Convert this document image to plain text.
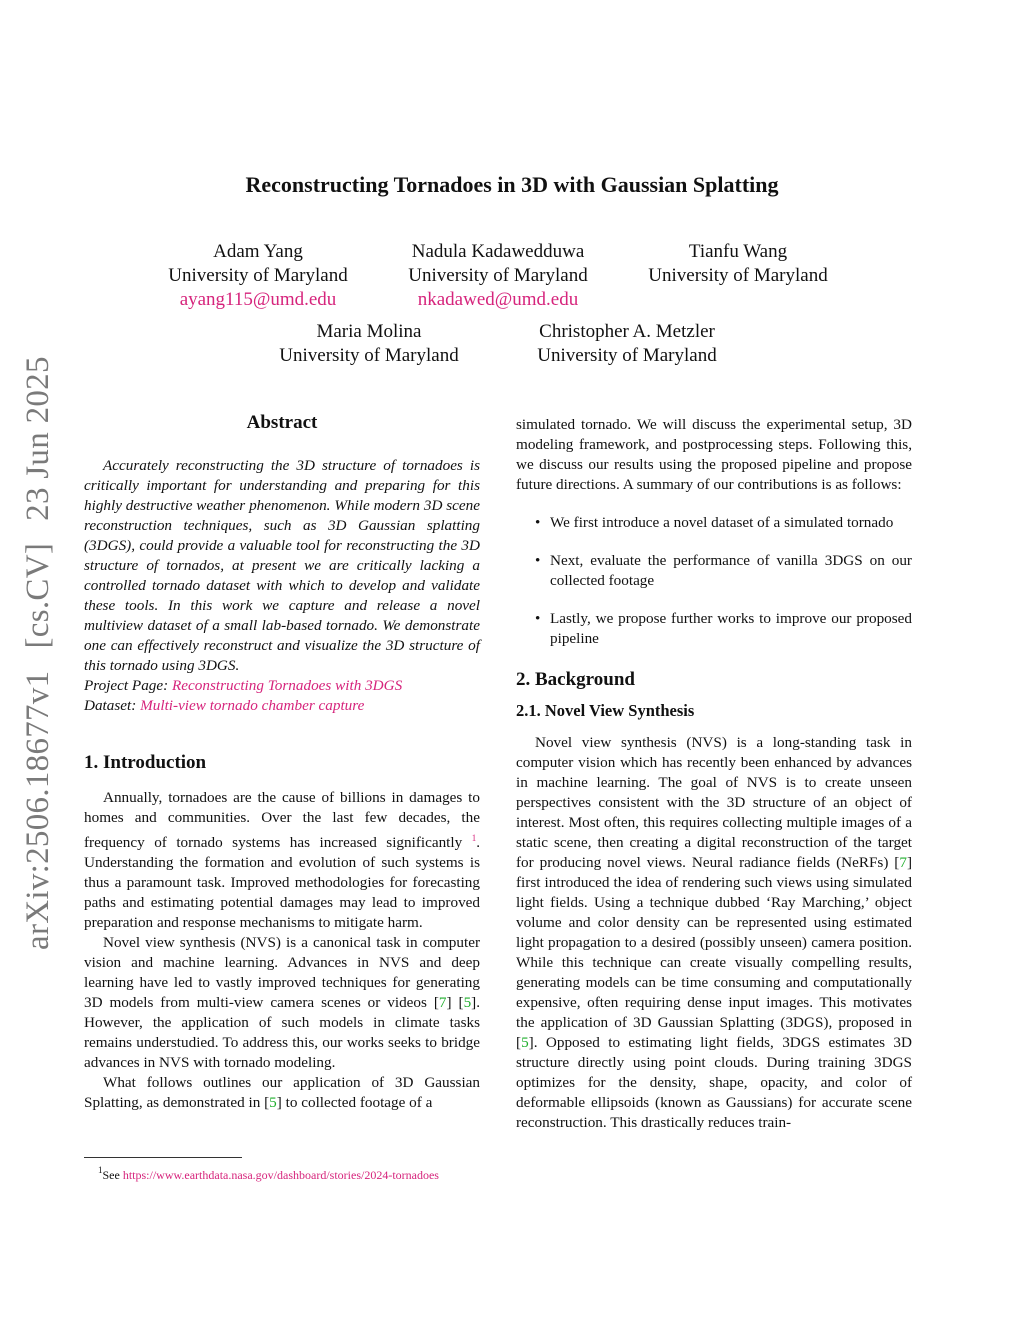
arXiv:2506.18677v1[cs.CV]23 Jun 2025
Reconstructing Tornadoes in 3D with Gaussian Splatting
Adam Yang
University of Maryland
ayang115@umd.edu
Nadula Kadawedduwa
University of Maryland
nkadawed@umd.edu
Tianfu Wang
University of Maryland
Maria Molina
University of Maryland
Christopher A. Metzler
University of Maryland
Abstract

Accurately reconstructing the 3D structure of tornadoes is critically important for understanding and preparing for this highly destructive weather phenomenon. While modern 3D scene reconstruction techniques, such as 3D Gaussian splatting (3DGS), could provide a valuable tool for reconstructing the 3D structure of tornados, at present we are critically lacking a controlled tornado dataset with which to develop and validate these tools. In this work we capture and release a novel multiview dataset of a small lab-based tornado. We demonstrate one can effectively reconstruct and visualize the 3D structure of this tornado using 3DGS.

Project Page: Reconstructing Tornadoes with 3DGS

Dataset: Multi-view tornado chamber capture

1. Introduction

Annually, tornadoes are the cause of billions in damages to homes and communities. Over the last few decades, the frequency of tornado systems has increased significantly $^1$. Understanding the formation and evolution of such systems is thus a paramount task. Improved methodologies for forecasting paths and estimating potential damages may lead to improved preparation and response mechanisms to mitigate harm.

Novel view synthesis (NVS) is a canonical task in computer vision and machine learning. Advances in NVS and deep learning have led to vastly improved techniques for generating 3D models from multi-view camera scenes or videos [7] [5]. However, the application of such models in climate tasks remains understudied. To address this, our works seeks to bridge advances in NVS with tornado modeling.

What follows outlines our application of 3D Gaussian Splatting, as demonstrated in [5] to collected footage of a

$^1$See https://www.earthdata.nasa.gov/dashboard/stories/2024-tornadoes

simulated tornado. We will discuss the experimental setup, 3D modeling framework, and postprocessing steps. Following this, we discuss our results using the proposed pipeline and propose future directions. A summary of our contributions is as follows:

• We first introduce a novel dataset of a simulated tornado
• Next, evaluate the performance of vanilla 3DGS on our collected footage
• Lastly, we propose further works to improve our proposed pipeline
2. Background
2.1. Novel View Synthesis

Novel view synthesis (NVS) is a long-standing task in computer vision which has recently been enhanced by advances in machine learning. The goal of NVS is to create unseen perspectives consistent with the 3D structure of an object of interest. Most often, this requires collecting multiple images of a static scene, then creating a digital reconstruction of the target for producing novel views. Neural radiance fields (NeRFs) [7] first introduced the idea of rendering such views using simulated light fields. Using a technique dubbed ‘Ray Marching,’ object volume and color density can be represented using estimated light propagation to a desired (possibly unseen) camera position. While this technique can create visually compelling results, generating models can be time consuming and computationally expensive, often requiring dense input images. This motivates the application of 3D Gaussian Splatting (3DGS), proposed in [5]. Opposed to estimating light fields, 3DGS estimates 3D structure directly using point clouds. During training 3DGS optimizes for the density, shape, opacity, and color of deformable ellipsoids (known as Gaussians) for accurate scene reconstruction. This drastically reduces train-
